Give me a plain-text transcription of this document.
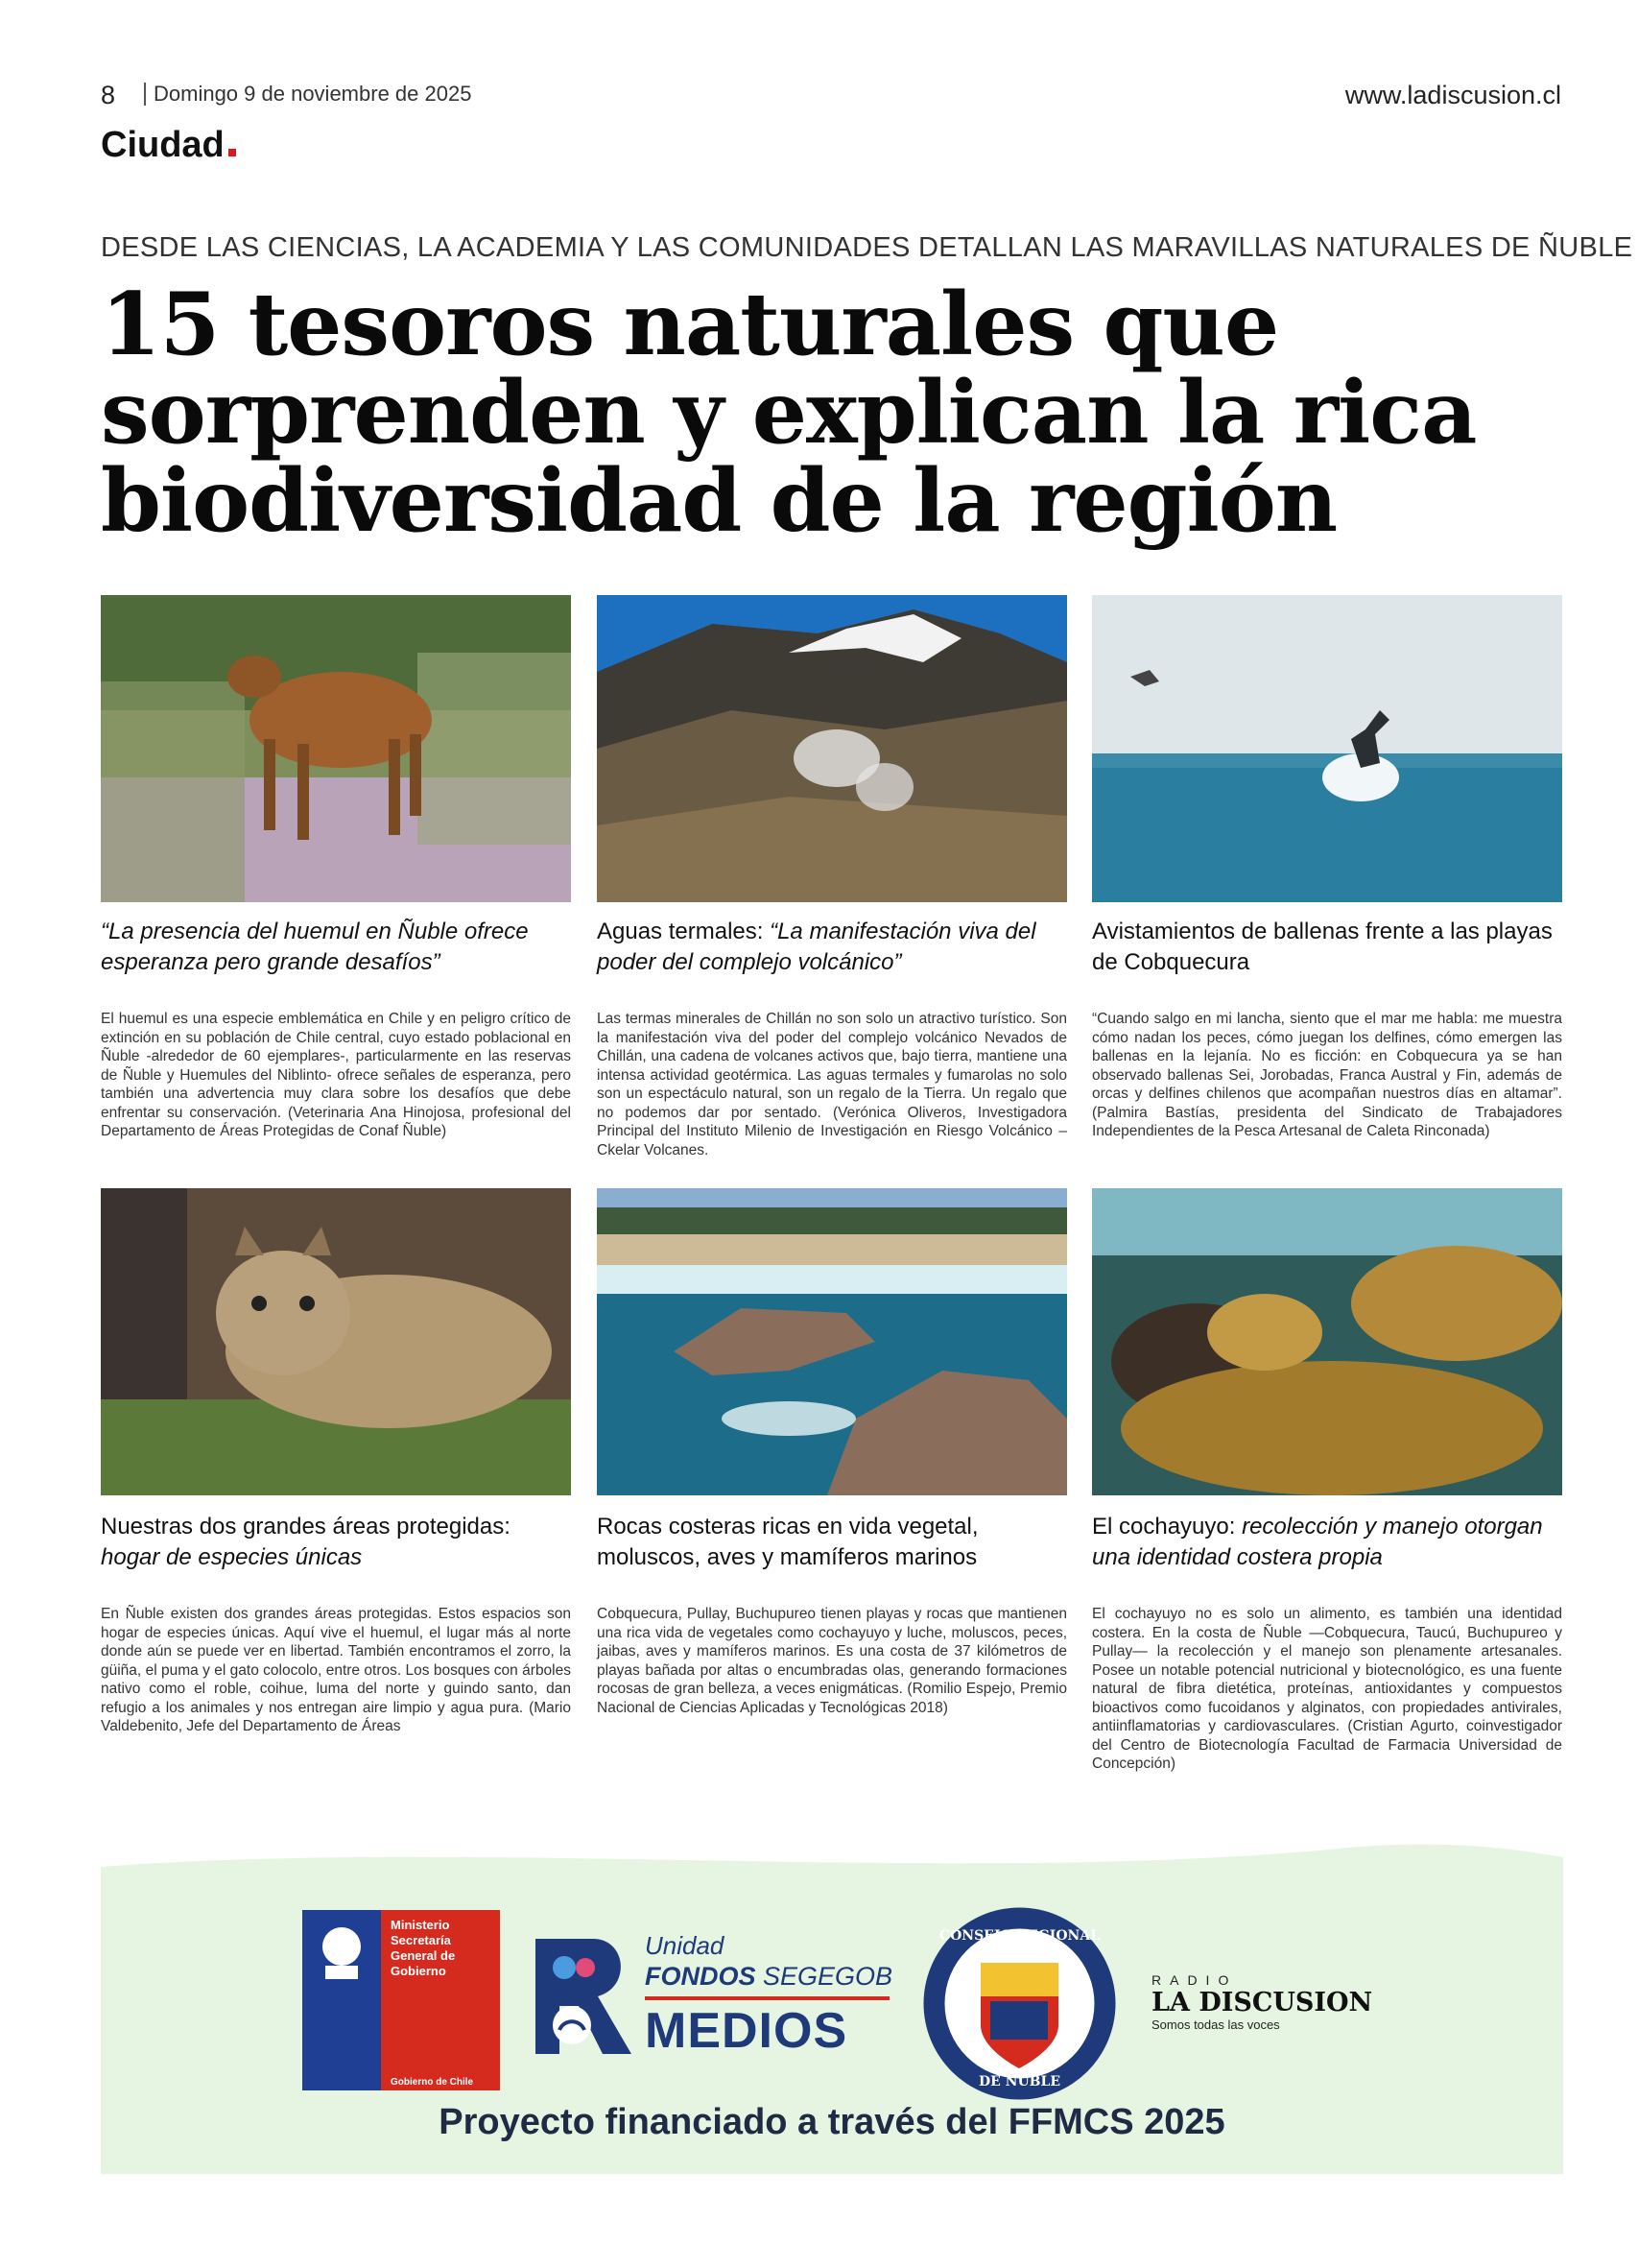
8	Domingo 9 de noviembre de 2025	www.ladiscusion.cl
Ciudad
DESDE LAS CIENCIAS, LA ACADEMIA Y LAS COMUNIDADES DETALLAN LAS MARAVILLAS NATURALES DE ÑUBLE
15 tesoros naturales que
sorprenden y explican la rica
biodiversidad de la región
“La presencia del huemul en Ñuble ofrece esperanza pero grande desafíos”
Aguas termales: “La manifestación viva del poder del complejo volcánico”
Avistamientos de ballenas frente a las playas de Cobquecura
El huemul es una especie emblemática en Chile y en peligro crítico de extinción en su población de Chile central, cuyo estado poblacional en Ñuble -alrededor de 60 ejemplares-, particularmente en las reservas de Ñuble y Huemules del Niblinto- ofrece señales de esperanza, pero también una advertencia muy clara sobre los desafíos que debe enfrentar su conservación. (Veterinaria Ana Hinojosa, profesional del Departamento de Áreas Protegidas de Conaf Ñuble)
Las termas minerales de Chillán no son solo un atractivo turístico. Son la manifestación viva del poder del complejo volcánico Nevados de Chillán, una cadena de volcanes activos que, bajo tierra, mantiene una intensa actividad geotérmica. Las aguas termales y fumarolas no solo son un espectáculo natural, son un regalo de la Tierra. Un regalo que no podemos dar por sentado. (Verónica Oliveros, Investigadora Principal del Instituto Milenio de Investigación en Riesgo Volcánico – Ckelar Volcanes.
“Cuando salgo en mi lancha, siento que el mar me habla: me muestra cómo nadan los peces, cómo juegan los delfines, cómo emergen las ballenas en la lejanía. No es ficción: en Cobquecura ya se han observado ballenas Sei, Jorobadas, Franca Austral y Fin, además de orcas y delfines chilenos que acompañan nuestros días en altamar”. (Palmira Bastías, presidenta del Sindicato de Trabajadores Independientes de la Pesca Artesanal de Caleta Rinconada)
Nuestras dos grandes áreas protegidas: hogar de especies únicas
Rocas costeras ricas en vida vegetal, moluscos, aves y mamíferos marinos
El cochayuyo: recolección y manejo otorgan una identidad costera propia
En Ñuble existen dos grandes áreas protegidas. Estos espacios son hogar de especies únicas. Aquí vive el huemul, el lugar más al norte donde aún se puede ver en libertad. También encontramos el zorro, la güiña, el puma y el gato colocolo, entre otros. Los bosques con árboles nativo como el roble, coihue, luma del norte y guindo santo, dan refugio a los animales y nos entregan aire limpio y agua pura. (Mario Valdebenito, Jefe del Departamento de Áreas
Cobquecura, Pullay, Buchupureo tienen playas y rocas que mantienen una rica vida de vegetales como cochayuyo y luche, moluscos, peces, jaibas, aves y mamíferos marinos. Es una costa de 37 kilómetros de playas bañada por altas o encumbradas olas, generando formaciones rocosas de gran belleza, a veces enigmáticas. (Romilio Espejo, Premio Nacional de Ciencias Aplicadas y Tecnológicas 2018)
El cochayuyo no es solo un alimento, es también una identidad costera. En la costa de Ñuble —Cobquecura, Taucú, Buchupureo y Pullay— la recolección y el manejo son plenamente artesanales. Posee un notable potencial nutricional y biotecnológico, es una fuente natural de fibra dietética, proteínas, antioxidantes y compuestos bioactivos como fucoidanos y alginatos, con propiedades antivirales, antiinflamatorias y cardiovasculares. (Cristian Agurto, coinvestigador del Centro de Biotecnología Facultad de Farmacia Universidad de Concepción)
Ministerio
Secretaría
General de
Gobierno
Gobierno de Chile
Unidad
FONDOS SEGEGOB
MEDIOS
CONSEJO REGIONAL
DE ÑUBLE
RADIO
LA DISCUSION
Somos todas las voces
Proyecto financiado a través del FFMCS 2025
